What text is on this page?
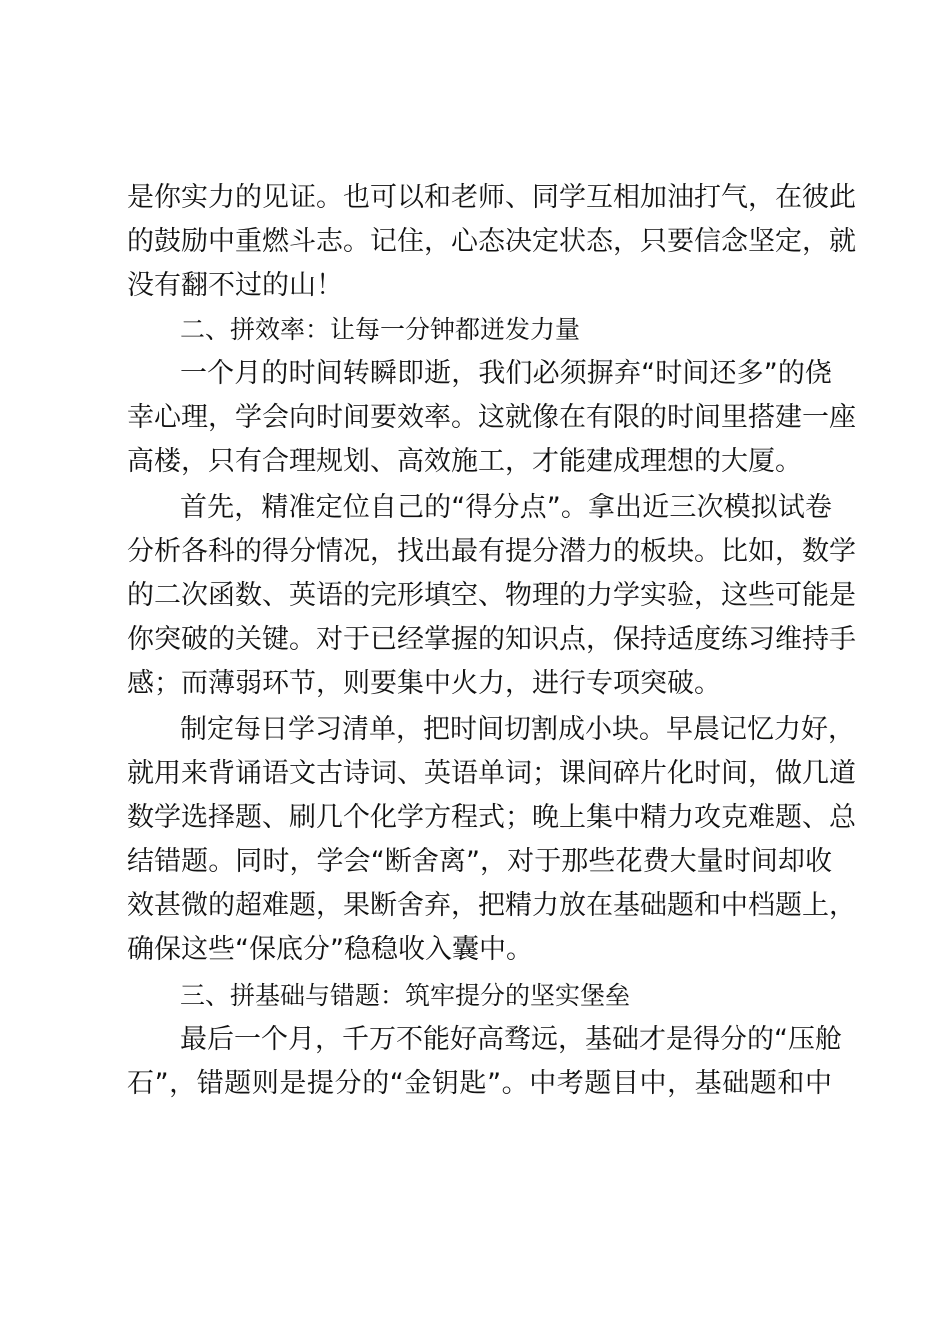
是你实力的见证。也可以和老师、同学互相加油打气，在彼此
的鼓励中重燃斗志。记住，心态决定状态，只要信念坚定，就
没有翻不过的山！
二、拼效率：让每一分钟都迸发力量
一个月的时间转瞬即逝，我们必须摒弃“时间还多”的侥
幸心理，学会向时间要效率。这就像在有限的时间里搭建一座
高楼，只有合理规划、高效施工，才能建成理想的大厦。
首先，精准定位自己的“得分点”。拿出近三次模拟试卷
分析各科的得分情况，找出最有提分潜力的板块。比如，数学
的二次函数、英语的完形填空、物理的力学实验，这些可能是
你突破的关键。对于已经掌握的知识点，保持适度练习维持手
感；而薄弱环节，则要集中火力，进行专项突破。
制定每日学习清单，把时间切割成小块。早晨记忆力好，
就用来背诵语文古诗词、英语单词；课间碎片化时间，做几道
数学选择题、刷几个化学方程式；晚上集中精力攻克难题、总
结错题。同时，学会“断舍离”，对于那些花费大量时间却收
效甚微的超难题，果断舍弃，把精力放在基础题和中档题上，
确保这些“保底分”稳稳收入囊中。
三、拼基础与错题：筑牢提分的坚实堡垒
最后一个月，千万不能好高骛远，基础才是得分的“压舱
石”，错题则是提分的“金钥匙”。中考题目中，基础题和中
